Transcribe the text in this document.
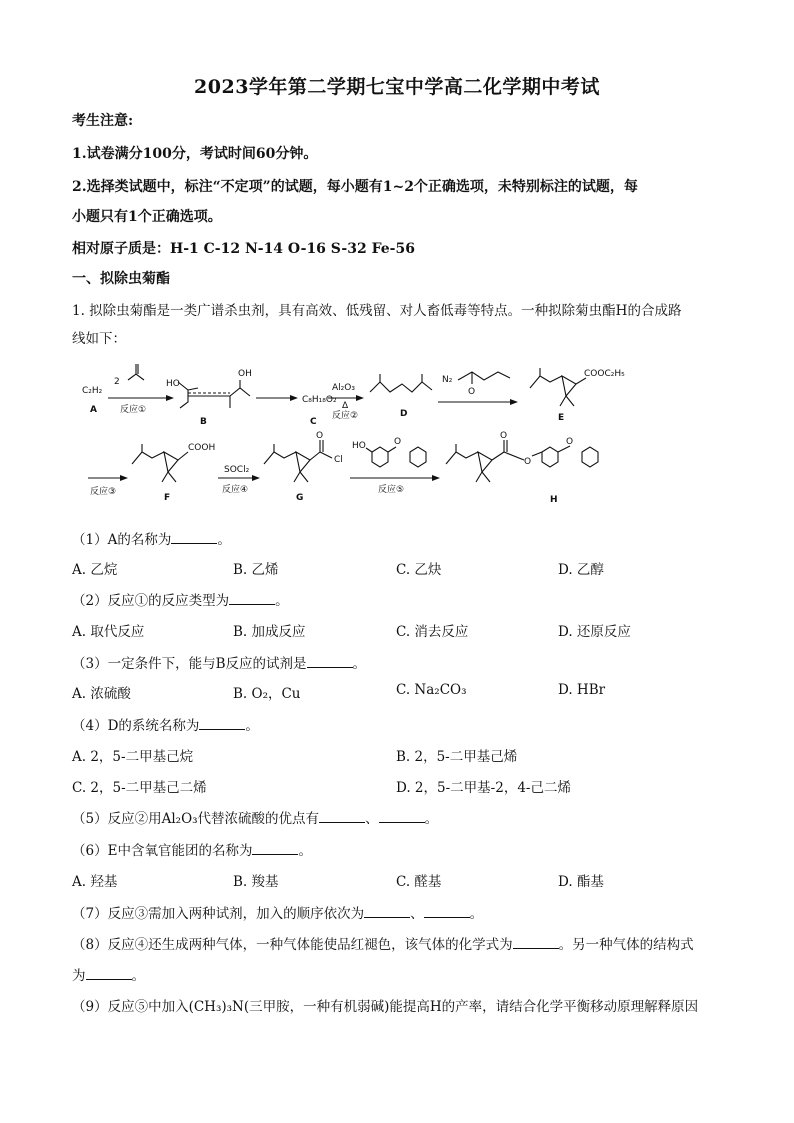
2023学年第二学期七宝中学高二化学期中考试
考生注意:
1.试卷满分100分，考试时间60分钟。
2.选择类试题中，标注“不定项”的试题，每小题有1~2个正确选项，未特别标注的试题，每
小题只有1个正确选项。
相对原子质是：H-1 C-12 N-14 O-16 S-32 Fe-56
一、拟除虫菊酯
1. 拟除虫菊酯是一类广谱杀虫剂，具有高效、低残留、对人畜低毒等特点。一种拟除菊虫酯H的合成路
线如下：
C₂H₂
A
2
反应①
HO
OH
B
C₈H₁₈O₂
C
Al₂O₃
Δ
反应②	D
N₂
O
COOC₂H₅
E
反应③
COOH
F
SOCl₂
反应④
Cl
O
G
HO	O
反应⑤
O
O
O
H
（1）A的名称为	。
A. 乙烷	B. 乙烯	C. 乙炔	D. 乙醇
（2）反应①的反应类型为	。
A. 取代反应	B. 加成反应	C. 消去反应	D. 还原反应
（3）一定条件下，能与B反应的试剂是	。
A. 浓硫酸	B. O₂，Cu	C. Na₂CO₃	D. HBr
（4）D的系统名称为	。
A. 2，5-二甲基己烷	B. 2，5-二甲基己烯
C. 2，5-二甲基己二烯	D. 2，5-二甲基-2，4-己二烯
（5）反应②用Al₂O₃代替浓硫酸的优点有	、	。
（6）E中含氧官能团的名称为	。
A. 羟基	B. 羧基	C. 醛基	D. 酯基
（7）反应③需加入两种试剂，加入的顺序依次为	、	。
（8）反应④还生成两种气体，一种气体能使品红褪色，该气体的化学式为	。另一种气体的结构式
为	。
（9）反应⑤中加入(CH₃)₃N(三甲胺，一种有机弱碱)能提高H的产率，请结合化学平衡移动原理解释原因
